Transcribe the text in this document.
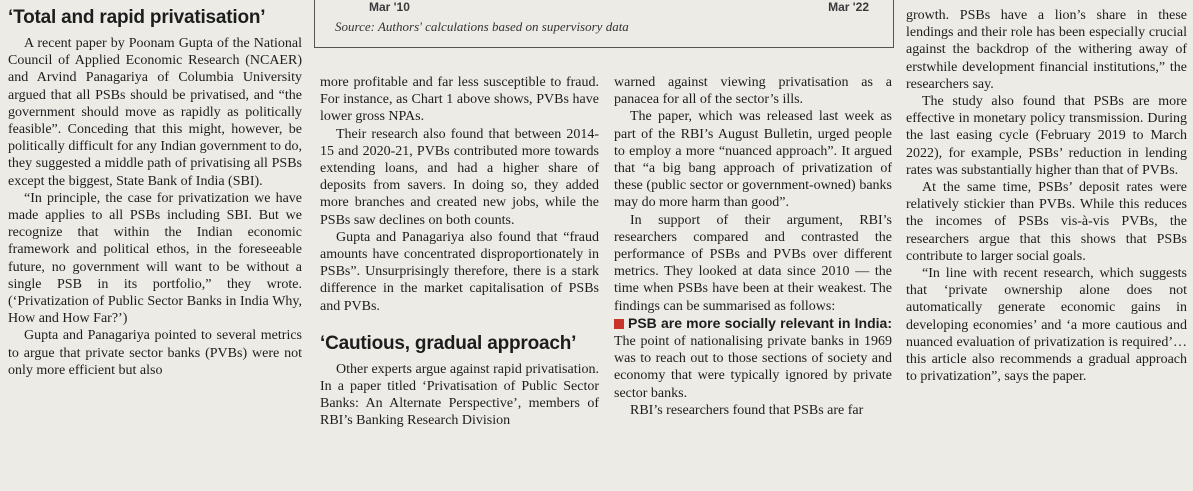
Mar '10	Mar '22
Source: Authors' calculations based on supervisory data
‘Total and rapid privatisation’

A recent paper by Poonam Gupta of the National Council of Applied Economic Research (NCAER) and Arvind Panagariya of Columbia University argued that all PSBs should be privatised, and “the government should move as rapidly as politically feasible”. Conceding that this might, however, be politically difficult for any Indian government to do, they suggested a middle path of privatising all PSBs except the biggest, State Bank of India (SBI).

“In principle, the case for privatization we have made applies to all PSBs including SBI. But we recognize that within the Indian economic framework and political ethos, in the foreseeable future, no government will want to be without a single PSB in its portfolio,” they wrote. (‘Privatization of Public Sector Banks in India Why, How and How Far?’)

Gupta and Panagariya pointed to several metrics to argue that private sector banks (PVBs) were not only more efficient but also

more profitable and far less susceptible to fraud. For instance, as Chart 1 above shows, PVBs have lower gross NPAs.

Their research also found that between 2014-15 and 2020-21, PVBs contributed more towards extending loans, and had a higher share of deposits from savers. In doing so, they added more branches and created new jobs, while the PSBs saw declines on both counts.

Gupta and Panagariya also found that “fraud amounts have concentrated disproportionately in PSBs”. Unsurprisingly therefore, there is a stark difference in the market capitalisation of PSBs and PVBs.

‘Cautious, gradual approach’

Other experts argue against rapid privatisation. In a paper titled ‘Privatisation of Public Sector Banks: An Alternate Perspective’, members of RBI’s Banking Research Division

warned against viewing privatisation as a panacea for all of the sector’s ills.

The paper, which was released last week as part of the RBI’s August Bulletin, urged people to employ a more “nuanced approach”. It argued that “a big bang approach of privatization of these (public sector or government-owned) banks may do more harm than good”.

In support of their argument, RBI’s researchers compared and contrasted the performance of PSBs and PVBs over different metrics. They looked at data since 2010 — the time when PSBs have been at their weakest. The findings can be summarised as follows:

PSB are more socially relevant in India: The point of nationalising private banks in 1969 was to reach out to those sections of society and economy that were typically ignored by private sector banks.

RBI’s researchers found that PSBs are far

growth. PSBs have a lion’s share in these lendings and their role has been especially crucial against the backdrop of the withering away of erstwhile development financial institutions,” the researchers say.

The study also found that PSBs are more effective in monetary policy transmission. During the last easing cycle (February 2019 to March 2022), for example, PSBs’ reduction in lending rates was substantially higher than that of PVBs.

At the same time, PSBs’ deposit rates were relatively stickier than PVBs. While this reduces the incomes of PSBs vis-à-vis PVBs, the researchers argue that this shows that PSBs contribute to larger social goals.

“In line with recent research, which suggests that ‘private ownership alone does not automatically generate economic gains in developing economies’ and ‘a more cautious and nuanced evaluation of privatization is required’… this article also recommends a gradual approach to privatization”, says the paper.
